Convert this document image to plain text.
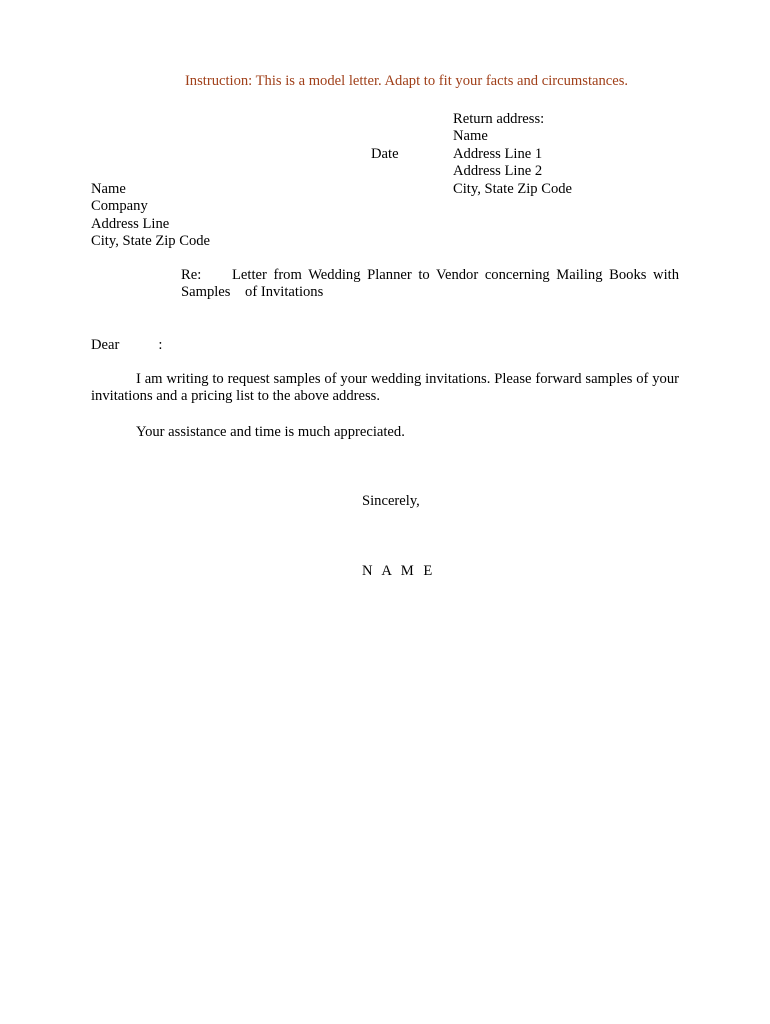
Instruction: This is a model letter. Adapt to fit your facts and circumstances.
Return address:
Name
Address Line 1
Address Line 2
City, State Zip Code
Date
Name
Company
Address Line
City, State Zip Code
Re:	Letter from Wedding Planner to Vendor concerning Mailing Books with
Samples    of Invitations
Dear	:
I am writing to request samples of your wedding invitations. Please forward samples of your invitations and a pricing list to the above address.
Your assistance and time is much appreciated.
Sincerely,
N A M E
